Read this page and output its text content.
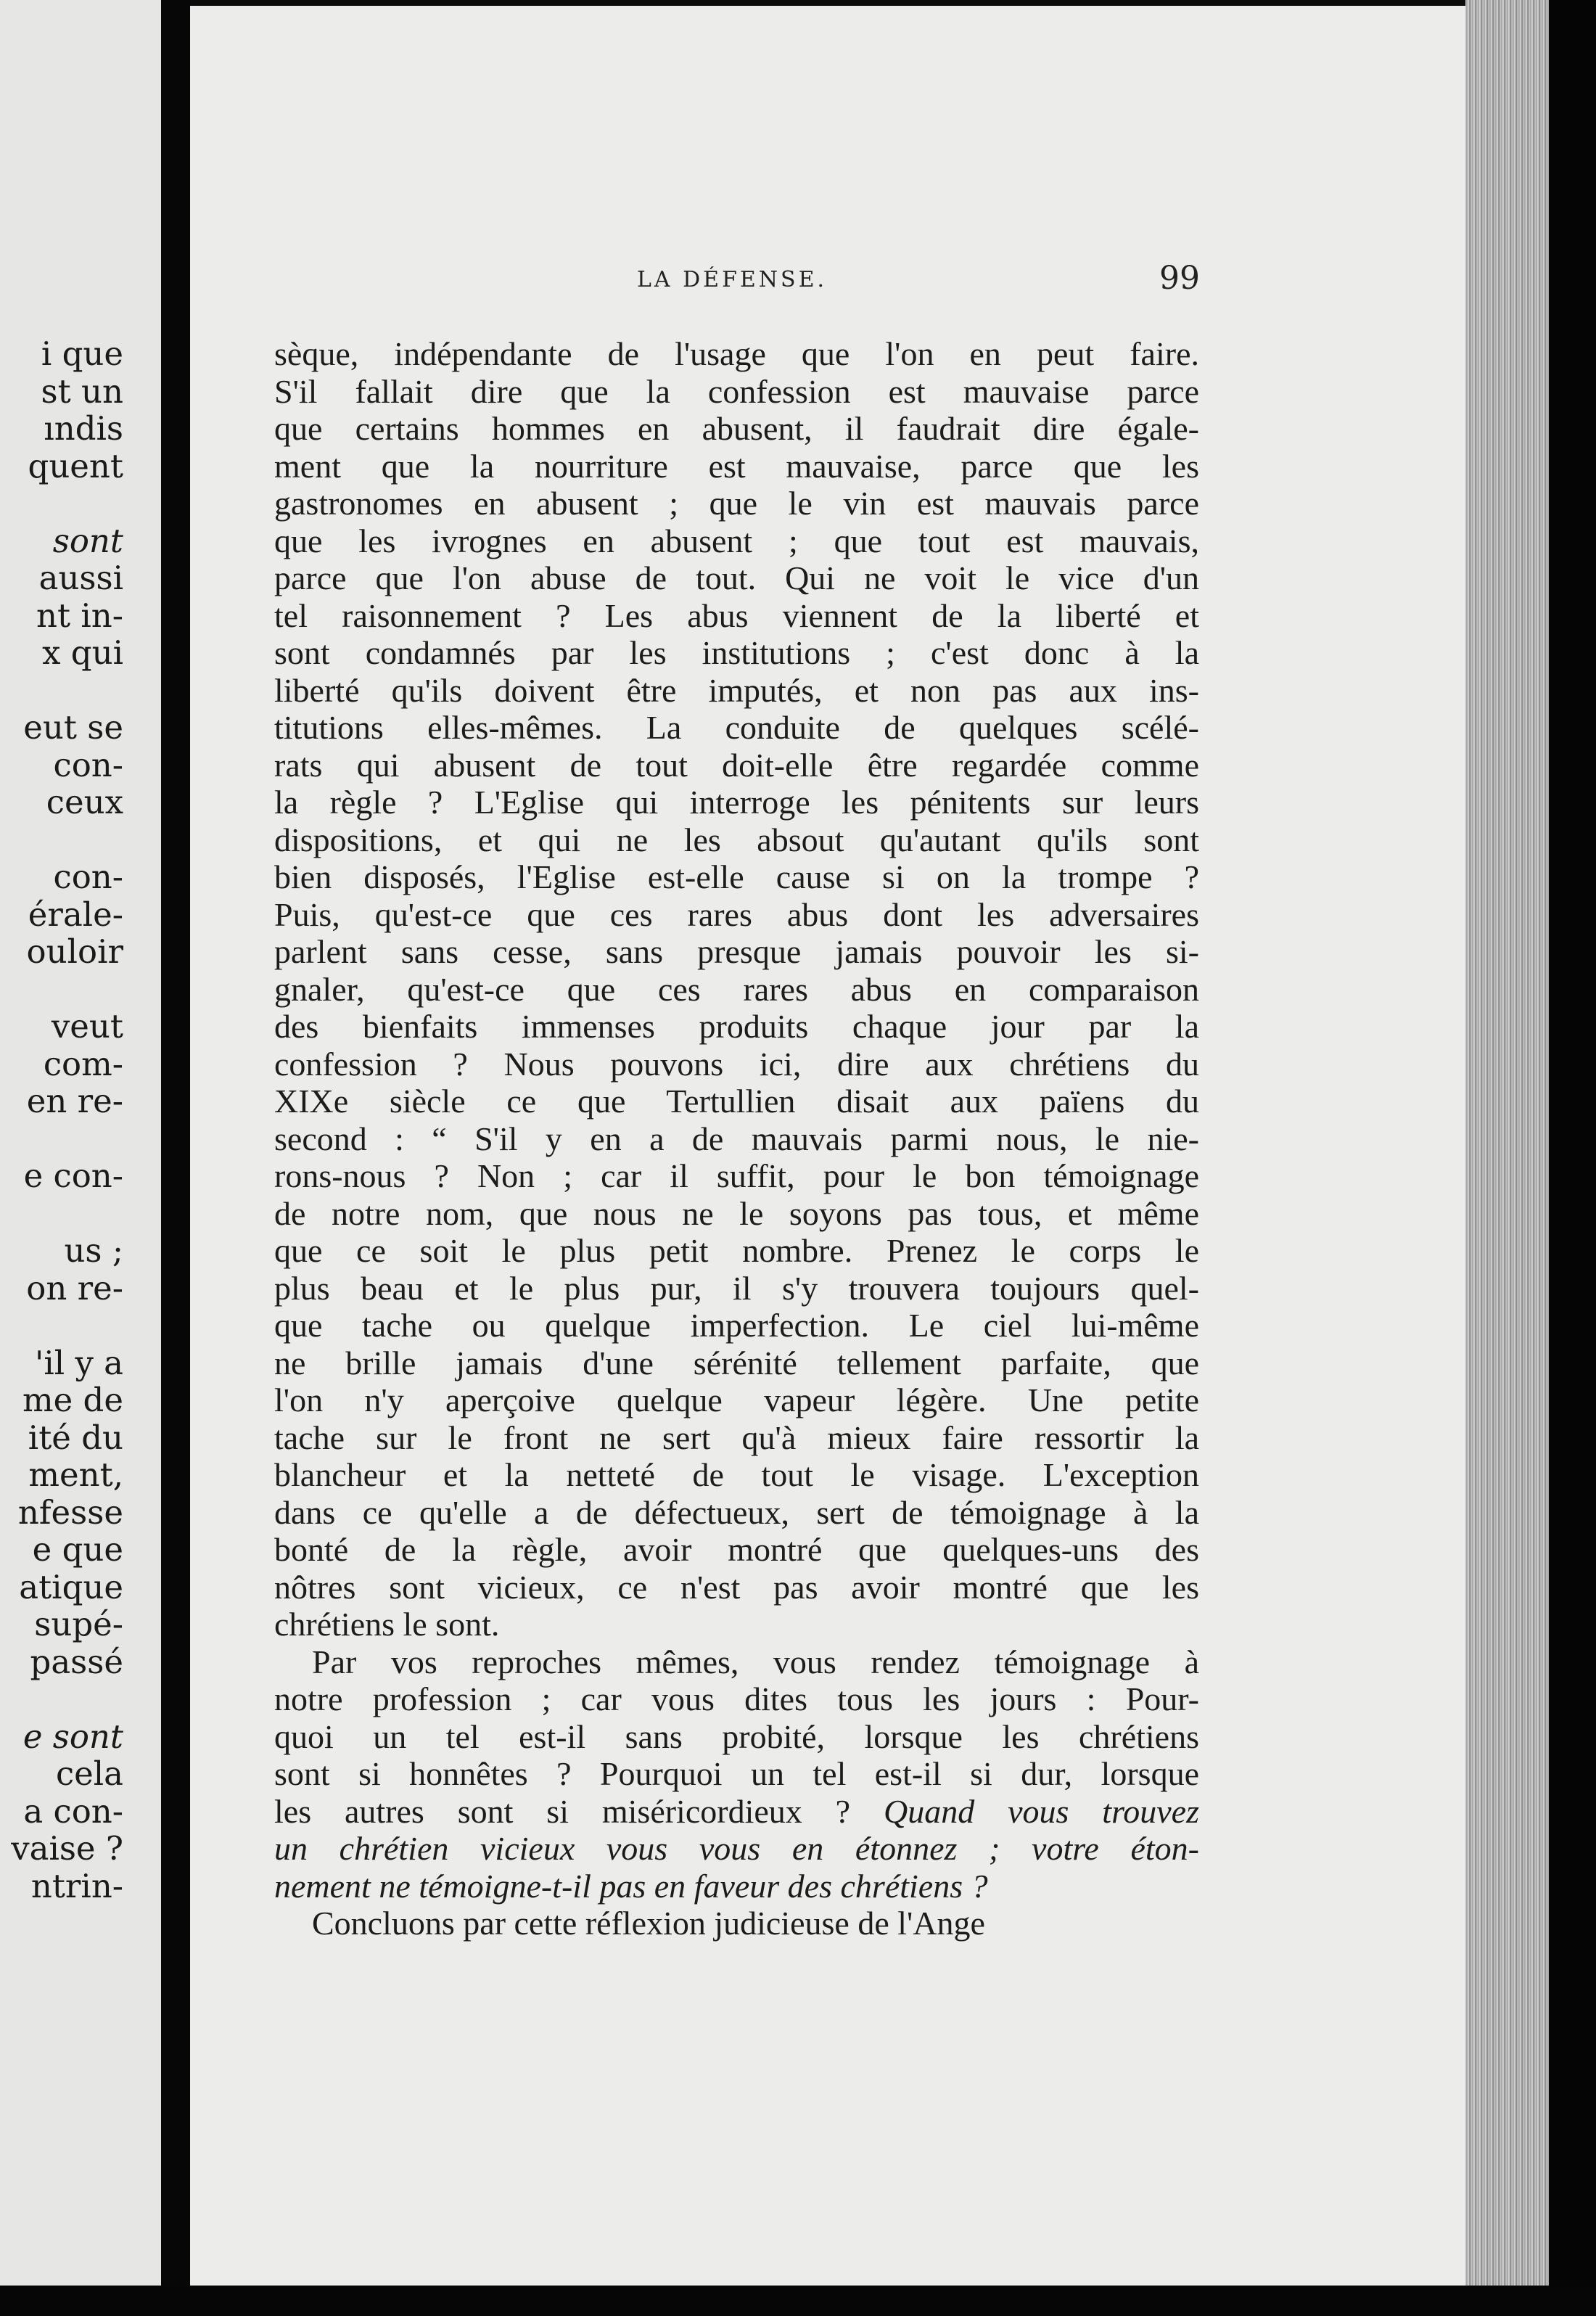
i que
st un
ındis
quent
sont
aussi
nt in-
x qui
eut se
con-
ceux
con-
érale-
ouloir
veut
com-
en re-
e con-
us ;
on re-
'il y a
me de
ité du
ment,
nfesse
e que
atique
supé-
passé
e sont
cela
a con-
vaise ?
ntrin-
LA DÉFENSE.	99
sèque, indépendante de l'usage que l'on en peut faire.
S'il fallait dire que la confession est mauvaise parce
que certains hommes en abusent, il faudrait dire égale-
ment que la nourriture est mauvaise, parce que les
gastronomes en abusent ; que le vin est mauvais parce
que les ivrognes en abusent ; que tout est mauvais,
parce que l'on abuse de tout. Qui ne voit le vice d'un
tel raisonnement ? Les abus viennent de la liberté et
sont condamnés par les institutions ; c'est donc à la
liberté qu'ils doivent être imputés, et non pas aux ins-
titutions elles-mêmes. La conduite de quelques scélé-
rats qui abusent de tout doit-elle être regardée comme
la règle ? L'Eglise qui interroge les pénitents sur leurs
dispositions, et qui ne les absout qu'autant qu'ils sont
bien disposés, l'Eglise est-elle cause si on la trompe ?
Puis, qu'est-ce que ces rares abus dont les adversaires
parlent sans cesse, sans presque jamais pouvoir les si-
gnaler, qu'est-ce que ces rares abus en comparaison
des bienfaits immenses produits chaque jour par la
confession ? Nous pouvons ici, dire aux chrétiens du
XIXe siècle ce que Tertullien disait aux païens du
second : “ S'il y en a de mauvais parmi nous, le nie-
rons-nous ? Non ; car il suffit, pour le bon témoignage
de notre nom, que nous ne le soyons pas tous, et même
que ce soit le plus petit nombre. Prenez le corps le
plus beau et le plus pur, il s'y trouvera toujours quel-
que tache ou quelque imperfection. Le ciel lui-même
ne brille jamais d'une sérénité tellement parfaite, que
l'on n'y aperçoive quelque vapeur légère. Une petite
tache sur le front ne sert qu'à mieux faire ressortir la
blancheur et la netteté de tout le visage. L'exception
dans ce qu'elle a de défectueux, sert de témoignage à la
bonté de la règle, avoir montré que quelques-uns des
nôtres sont vicieux, ce n'est pas avoir montré que les
chrétiens le sont.
Par vos reproches mêmes, vous rendez témoignage à
notre profession ; car vous dites tous les jours : Pour-
quoi un tel est-il sans probité, lorsque les chrétiens
sont si honnêtes ? Pourquoi un tel est-il si dur, lorsque
les autres sont si miséricordieux ? Quand vous trouvez
un chrétien vicieux vous vous en étonnez ; votre éton-
nement ne témoigne-t-il pas en faveur des chrétiens ?
Concluons par cette réflexion judicieuse de l'Ange
